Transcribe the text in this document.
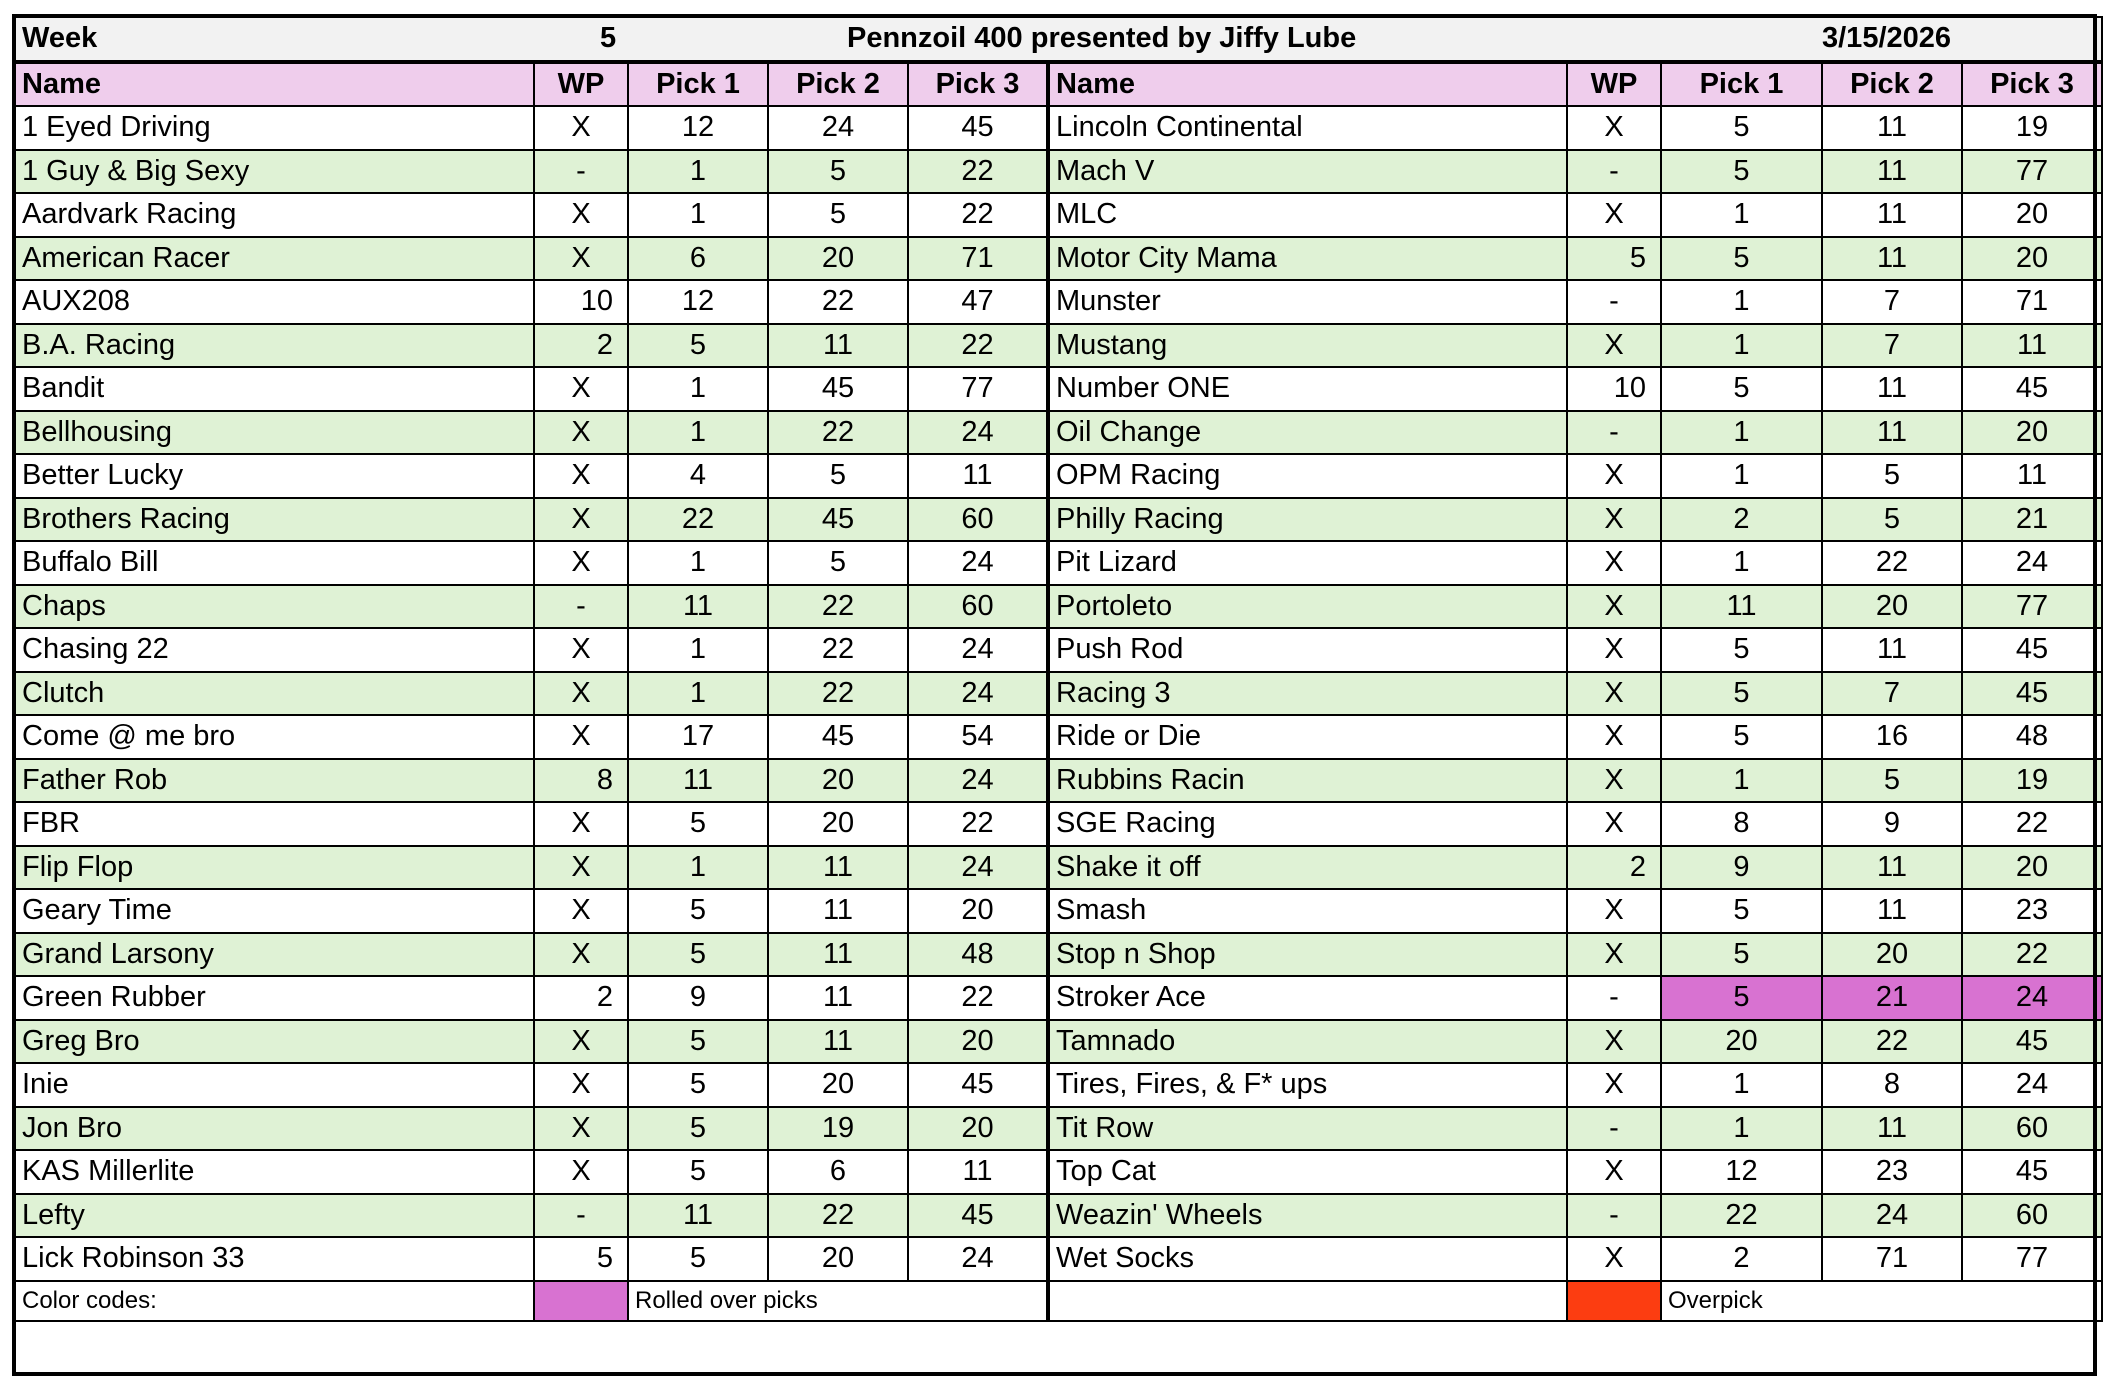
Week	5		Pennzoil 400 presented by Jiffy Lube					3/15/2026	
Name	WP	Pick 1	Pick 2	Pick 3	Name	WP	Pick 1	Pick 2	Pick 3
1 Eyed Driving	X	12	24	45	Lincoln Continental	X	5	11	19
1 Guy & Big Sexy	-	1	5	22	Mach V	-	5	11	77
Aardvark Racing	X	1	5	22	MLC	X	1	11	20
American Racer	X	6	20	71	Motor City Mama	5	5	11	20
AUX208	10	12	22	47	Munster	-	1	7	71
B.A. Racing	2	5	11	22	Mustang	X	1	7	11
Bandit	X	1	45	77	Number ONE	10	5	11	45
Bellhousing	X	1	22	24	Oil Change	-	1	11	20
Better Lucky	X	4	5	11	OPM Racing	X	1	5	11
Brothers Racing	X	22	45	60	Philly Racing	X	2	5	21
Buffalo Bill	X	1	5	24	Pit Lizard	X	1	22	24
Chaps	-	11	22	60	Portoleto	X	11	20	77
Chasing 22	X	1	22	24	Push Rod	X	5	11	45
Clutch	X	1	22	24	Racing 3	X	5	7	45
Come @ me bro	X	17	45	54	Ride or Die	X	5	16	48
Father Rob	8	11	20	24	Rubbins Racin	X	1	5	19
FBR	X	5	20	22	SGE Racing	X	8	9	22
Flip Flop	X	1	11	24	Shake it off	2	9	11	20
Geary Time	X	5	11	20	Smash	X	5	11	23
Grand Larsony	X	5	11	48	Stop n Shop	X	5	20	22
Green Rubber	2	9	11	22	Stroker Ace	-	5	21	24
Greg Bro	X	5	11	20	Tamnado	X	20	22	45
Inie	X	5	20	45	Tires, Fires, & F* ups	X	1	8	24
Jon Bro	X	5	19	20	Tit Row	-	1	11	60
KAS Millerlite	X	5	6	11	Top Cat	X	12	23	45
Lefty	-	11	22	45	Weazin' Wheels	-	22	24	60
Lick Robinson 33	5	5	20	24	Wet Socks	X	2	71	77
Color codes:		Rolled over picks					Overpick		
